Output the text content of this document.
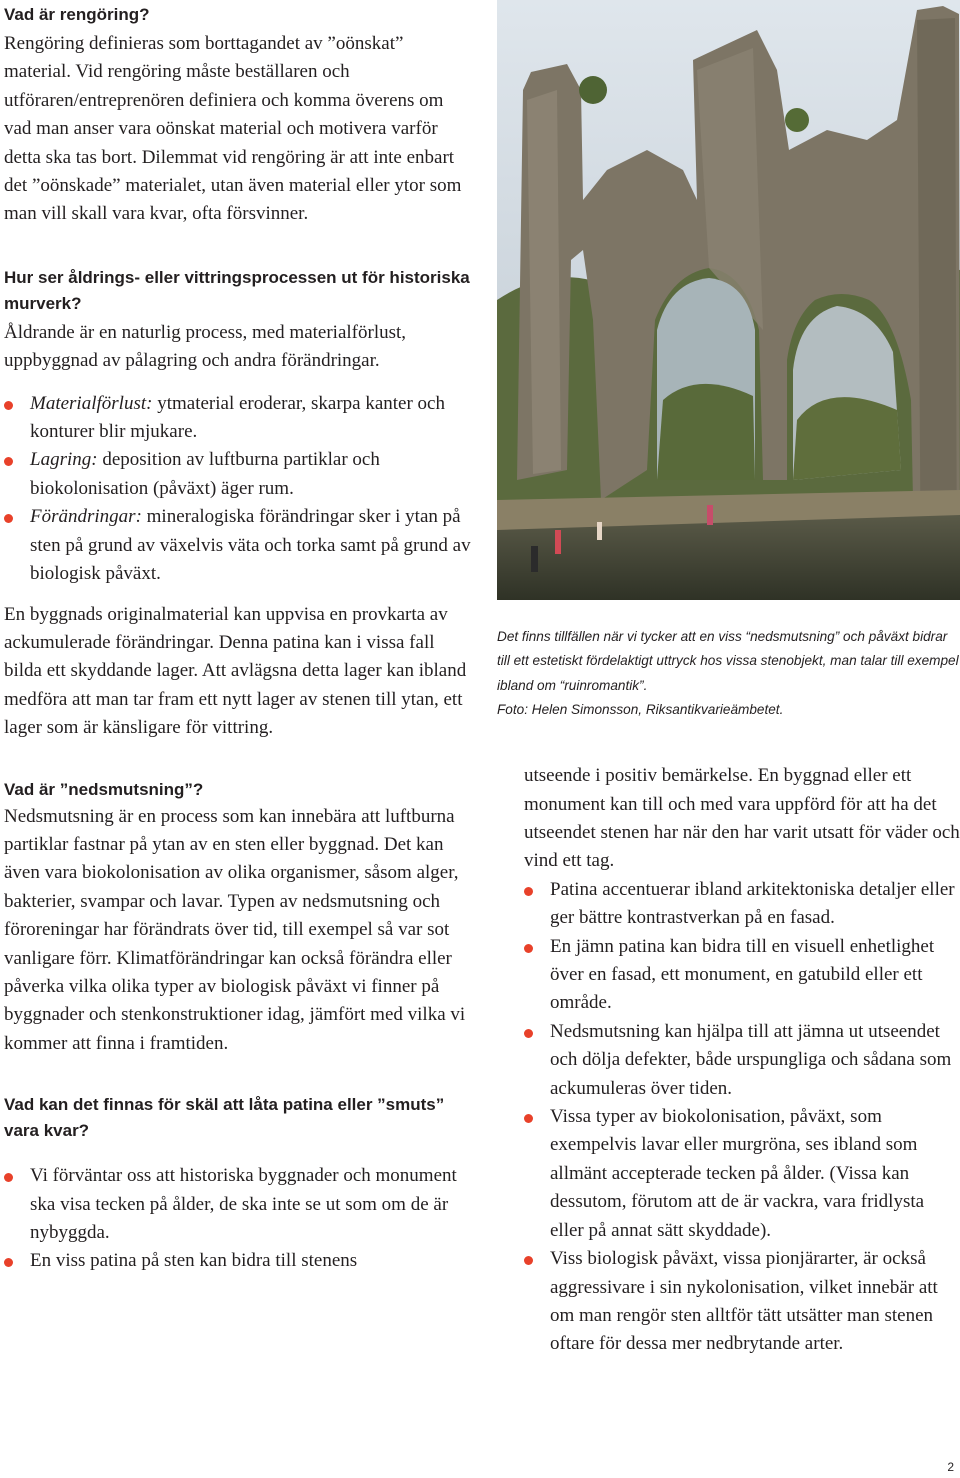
Vad är rengöring?

Rengöring definieras som borttagandet av ”oönskat” material. Vid rengöring måste beställaren och utföraren/entreprenören definiera och komma överens om vad man anser vara oönskat material och motivera varför detta ska tas bort. Dilemmat vid rengöring är att inte enbart det ”oönskade” materialet, utan även material eller ytor som man vill skall vara kvar, ofta försvinner.

Hur ser åldrings- eller vittringsprocessen ut för historiska murverk?

Åldrande är en naturlig process, med materialförlust, uppbyggnad av pålagring och andra förändringar.

Materialförlust: ytmaterial eroderar, skarpa kanter och konturer blir mjukare.
Lagring: deposition av luftburna partiklar och biokolonisation (påväxt) äger rum.
Förändringar: mineralogiska förändringar sker i ytan på sten på grund av växelvis väta och torka samt på grund av biologisk påväxt.

En byggnads originalmaterial kan uppvisa en provkarta av ackumulerade förändringar. Denna patina kan i vissa fall bilda ett skyddande lager. Att avlägsna detta lager kan ibland medföra att man tar fram ett nytt lager av stenen till ytan, ett lager som är känsligare för vittring.

Vad är ”nedsmutsning”?

Nedsmutsning är en process som kan innebära att luftburna partiklar fastnar på ytan av en sten eller byggnad. Det kan även vara biokolonisation av olika organismer, såsom alger, bakterier, svampar och lavar. Typen av nedsmutsning och föroreningar har förändrats över tid, till exempel så var sot vanligare förr. Klimatförändringar kan också förändra eller påverka vilka olika typer av biologisk påväxt vi finner på byggnader och stenkonstruktioner idag, jämfört med vilka vi kommer att finna i framtiden.

Vad kan det finnas för skäl att låta patina eller ”smuts” vara kvar?
Vi förväntar oss att historiska byggnader och monument ska visa tecken på ålder, de ska inte se ut som om de är nybyggda.
En viss patina på sten kan bidra till stenens

Det finns tillfällen när vi tycker att en viss “nedsmutsning” och påväxt bidrar till ett estetiskt fördelaktigt uttryck hos vissa stenobjekt, man talar till exempel ibland om “ruinromantik”.

Foto: Helen Simonsson, Riksantikvarieämbetet.

utseende i positiv bemärkelse. En byggnad eller ett monument kan till och med vara uppförd för att ha det utseendet stenen har när den har varit utsatt för väder och vind ett tag.

Patina accentuerar ibland arkitektoniska detaljer eller ger bättre kontrastverkan på en fasad.
En jämn patina kan bidra till en visuell enhetlighet över en fasad, ett monument, en gatubild eller ett område.
Nedsmutsning kan hjälpa till att jämna ut utseendet och dölja defekter, både urspungliga och sådana som ackumuleras över tiden.
Vissa typer av biokolonisation, påväxt, som exempelvis lavar eller murgröna, ses ibland som allmänt accepterade tecken på ålder. (Vissa kan dessutom, förutom att de är vackra, vara fridlysta eller på annat sätt skyddade).
Viss biologisk påväxt, vissa pionjärarter, är också aggressivare i sin nykolonisation, vilket innebär att om man rengör sten alltför tätt utsätter man stenen oftare för dessa mer nedbrytande arter.
2
